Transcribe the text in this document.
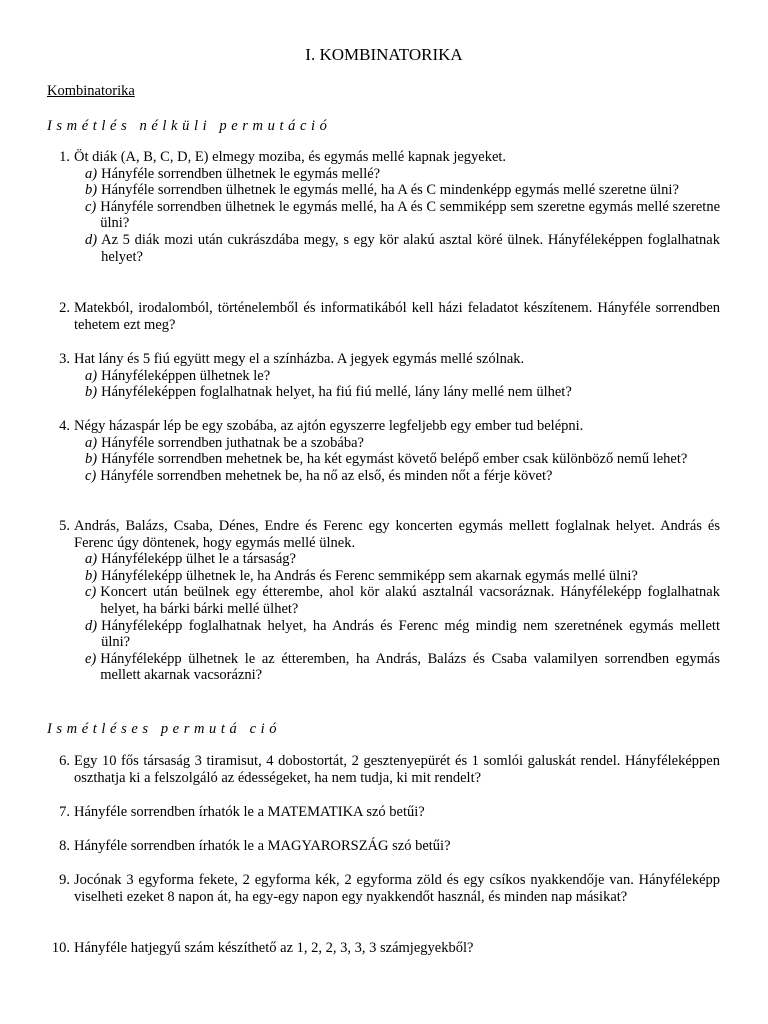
I. KOMBINATORIKA
Kombinatorika
Ismétlés nélküli permutáció
1. Öt diák (A, B, C, D, E) elmegy moziba, és egymás mellé kapnak jegyeket.
a) Hányféle sorrendben ülhetnek le egymás mellé?
b) Hányféle sorrendben ülhetnek le egymás mellé, ha A és C mindenképp egymás mellé szeretne ülni?
c) Hányféle sorrendben ülhetnek le egymás mellé, ha A és C semmiképp sem szeretne egymás mellé szeretne ülni?
d) Az 5 diák mozi után cukrászdába megy, s egy kör alakú asztal köré ülnek. Hányféleképpen foglalhatnak helyet?
2. Matekból, irodalomból, történelemből és informatikából kell házi feladatot készítenem. Hányféle sorrendben tehetem ezt meg?
3. Hat lány és 5 fiú együtt megy el a színházba. A jegyek egymás mellé szólnak.
a) Hányféleképpen ülhetnek le?
b) Hányféleképpen foglalhatnak helyet, ha fiú fiú mellé, lány lány mellé nem ülhet?
4. Négy házaspár lép be egy szobába, az ajtón egyszerre legfeljebb egy ember tud belépni.
a) Hányféle sorrendben juthatnak be a szobába?
b) Hányféle sorrendben mehetnek be, ha két egymást követő belépő ember csak különböző nemű lehet?
c) Hányféle sorrendben mehetnek be, ha nő az első, és minden nőt a férje követ?
5. András, Balázs, Csaba, Dénes, Endre és Ferenc egy koncerten egymás mellett foglalnak helyet. András és Ferenc úgy döntenek, hogy egymás mellé ülnek.
a) Hányféleképp ülhet le a társaság?
b) Hányféleképp ülhetnek le, ha András és Ferenc semmiképp sem akarnak egymás mellé ülni?
c) Koncert után beülnek egy étterembe, ahol kör alakú asztalnál vacsoráznak. Hányféleképp foglalhatnak helyet, ha bárki bárki mellé ülhet?
d) Hányféleképp foglalhatnak helyet, ha András és Ferenc még mindig nem szeretnének egymás mellett ülni?
e) Hányféleképp ülhetnek le az étteremben, ha András, Balázs és Csaba valamilyen sorrendben egymás mellett akarnak vacsorázni?
Ismétléses permutá ció
6. Egy 10 fős társaság 3 tiramisut, 4 dobostortát, 2 gesztenyepürét és 1 somlói galuskát rendel. Hányféleképpen oszthatja ki a felszolgáló az édességeket, ha nem tudja, ki mit rendelt?
7. Hányféle sorrendben írhatók le a MATEMATIKA szó betűi?
8. Hányféle sorrendben írhatók le a MAGYARORSZÁG szó betűi?
9. Jocónak 3 egyforma fekete, 2 egyforma kék, 2 egyforma zöld és egy csíkos nyakkendője van. Hányféleképp viselheti ezeket 8 napon át, ha egy-egy napon egy nyakkendőt használ, és minden nap másikat?
10. Hányféle hatjegyű szám készíthető az 1, 2, 2, 3, 3, 3 számjegyekből?
